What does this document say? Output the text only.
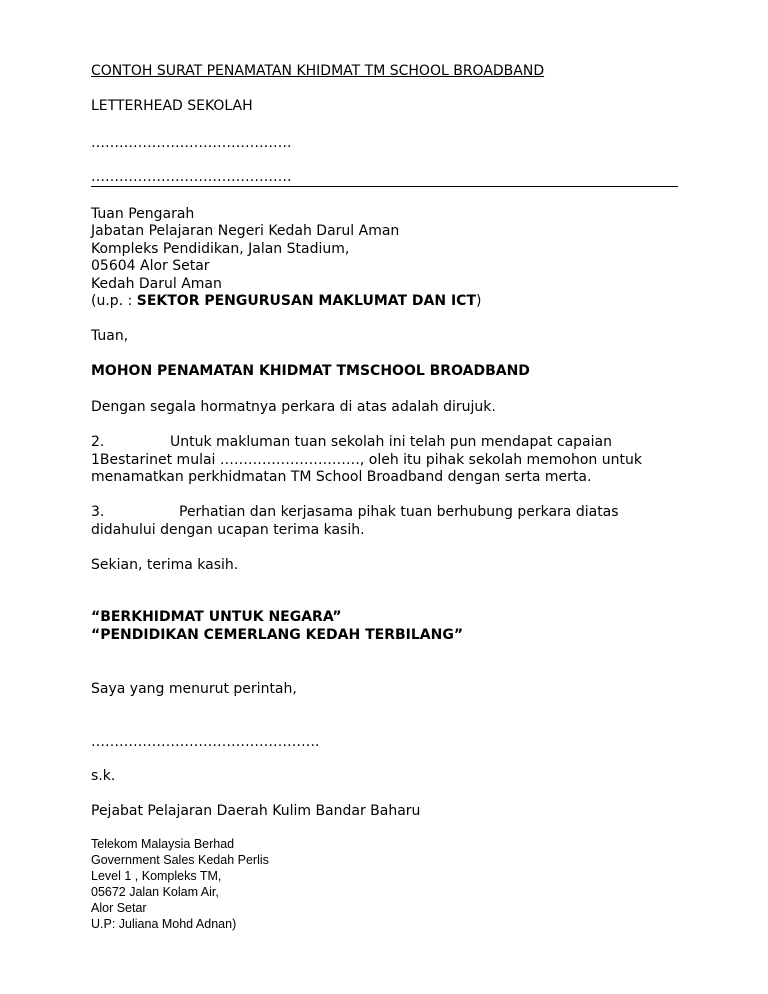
CONTOH SURAT PENAMATAN KHIDMAT TM SCHOOL BROADBAND
LETTERHEAD SEKOLAH
…………………………………….
…………………………………….
Tuan Pengarah
Jabatan Pelajaran Negeri Kedah Darul Aman
Kompleks Pendidikan, Jalan Stadium,
05604 Alor Setar
Kedah Darul Aman
(u.p. : SEKTOR PENGURUSAN MAKLUMAT DAN ICT)
Tuan,
MOHON PENAMATAN KHIDMAT TMSCHOOL BROADBAND
Dengan segala hormatnya perkara di atas adalah dirujuk.
2.	Untuk makluman tuan sekolah ini telah pun mendapat capaian
1Bestarinet mulai …………………………, oleh itu pihak sekolah memohon untuk
menamatkan perkhidmatan TM School Broadband dengan serta merta.
3.	Perhatian dan kerjasama pihak tuan berhubung perkara diatas
didahului dengan ucapan terima kasih.
Sekian, terima kasih.
“BERKHIDMAT UNTUK NEGARA”
“PENDIDIKAN CEMERLANG KEDAH TERBILANG”
Saya yang menurut perintah,
………………………………………….
s.k.
Pejabat Pelajaran Daerah Kulim Bandar Baharu
Telekom Malaysia Berhad
Government Sales Kedah Perlis
Level 1 , Kompleks TM,
05672 Jalan Kolam Air,
Alor Setar
U.P: Juliana Mohd Adnan)
